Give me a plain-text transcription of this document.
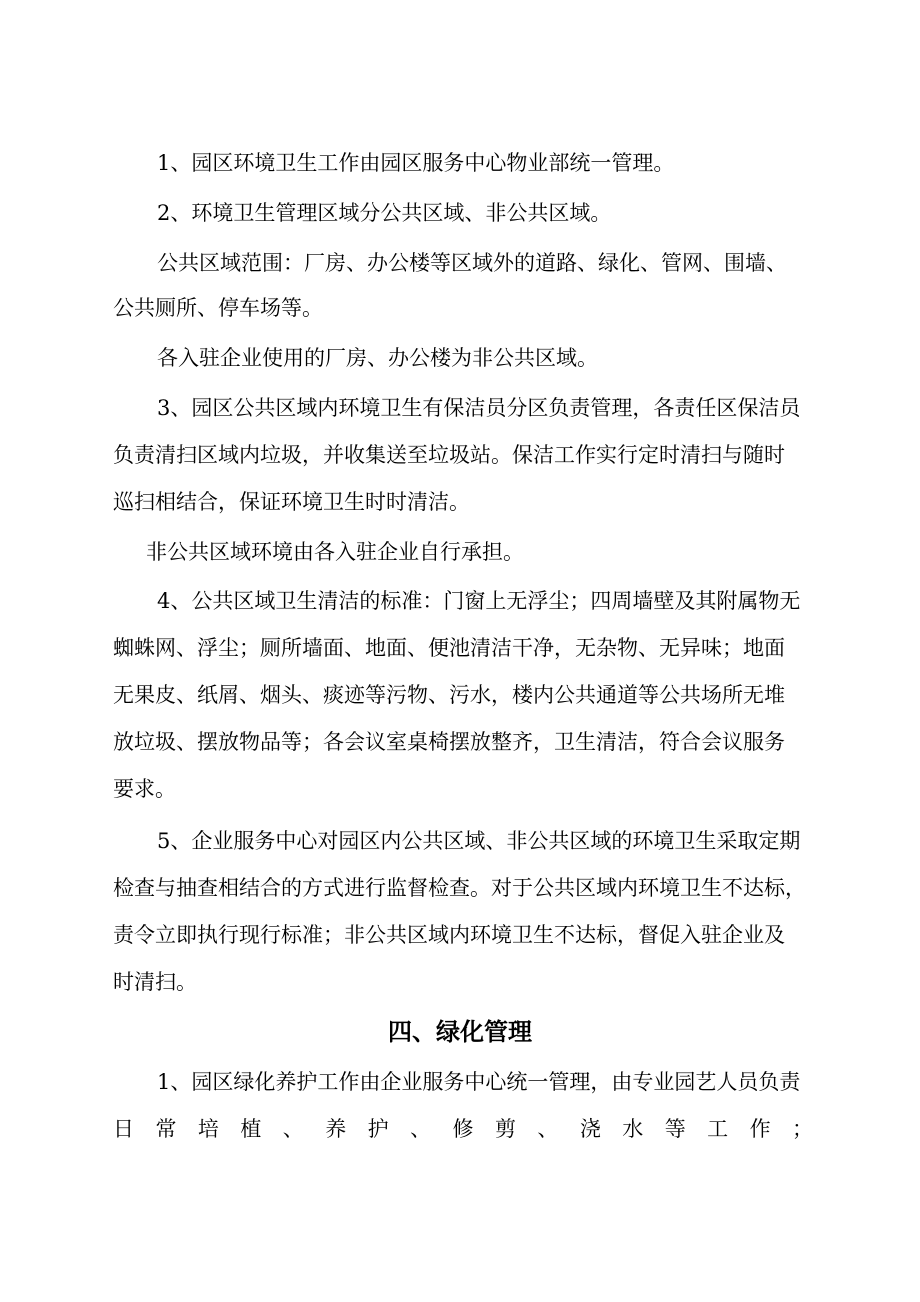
1、园区环境卫生工作由园区服务中心物业部统一管理。
2、环境卫生管理区域分公共区域、非公共区域。
公共区域范围：厂房、办公楼等区域外的道路、绿化、管网、围墙、
公共厕所、停车场等。
各入驻企业使用的厂房、办公楼为非公共区域。
3、园区公共区域内环境卫生有保洁员分区负责管理，各责任区保洁员
负责清扫区域内垃圾，并收集送至垃圾站。保洁工作实行定时清扫与随时
巡扫相结合，保证环境卫生时时清洁。
非公共区域环境由各入驻企业自行承担。
4、公共区域卫生清洁的标准：门窗上无浮尘；四周墙壁及其附属物无
蜘蛛网、浮尘；厕所墙面、地面、便池清洁干净，无杂物、无异味；地面
无果皮、纸屑、烟头、痰迹等污物、污水，楼内公共通道等公共场所无堆
放垃圾、摆放物品等；各会议室桌椅摆放整齐，卫生清洁，符合会议服务
要求。
5、企业服务中心对园区内公共区域、非公共区域的环境卫生采取定期
检查与抽查相结合的方式进行监督检查。对于公共区域内环境卫生不达标，
责令立即执行现行标准；非公共区域内环境卫生不达标，督促入驻企业及
时清扫。
四、绿化管理
1、园区绿化养护工作由企业服务中心统一管理，由专业园艺人员负责
日 常 培 植 、 养 护 、 修 剪 、 浇 水 等 工 作 ；
